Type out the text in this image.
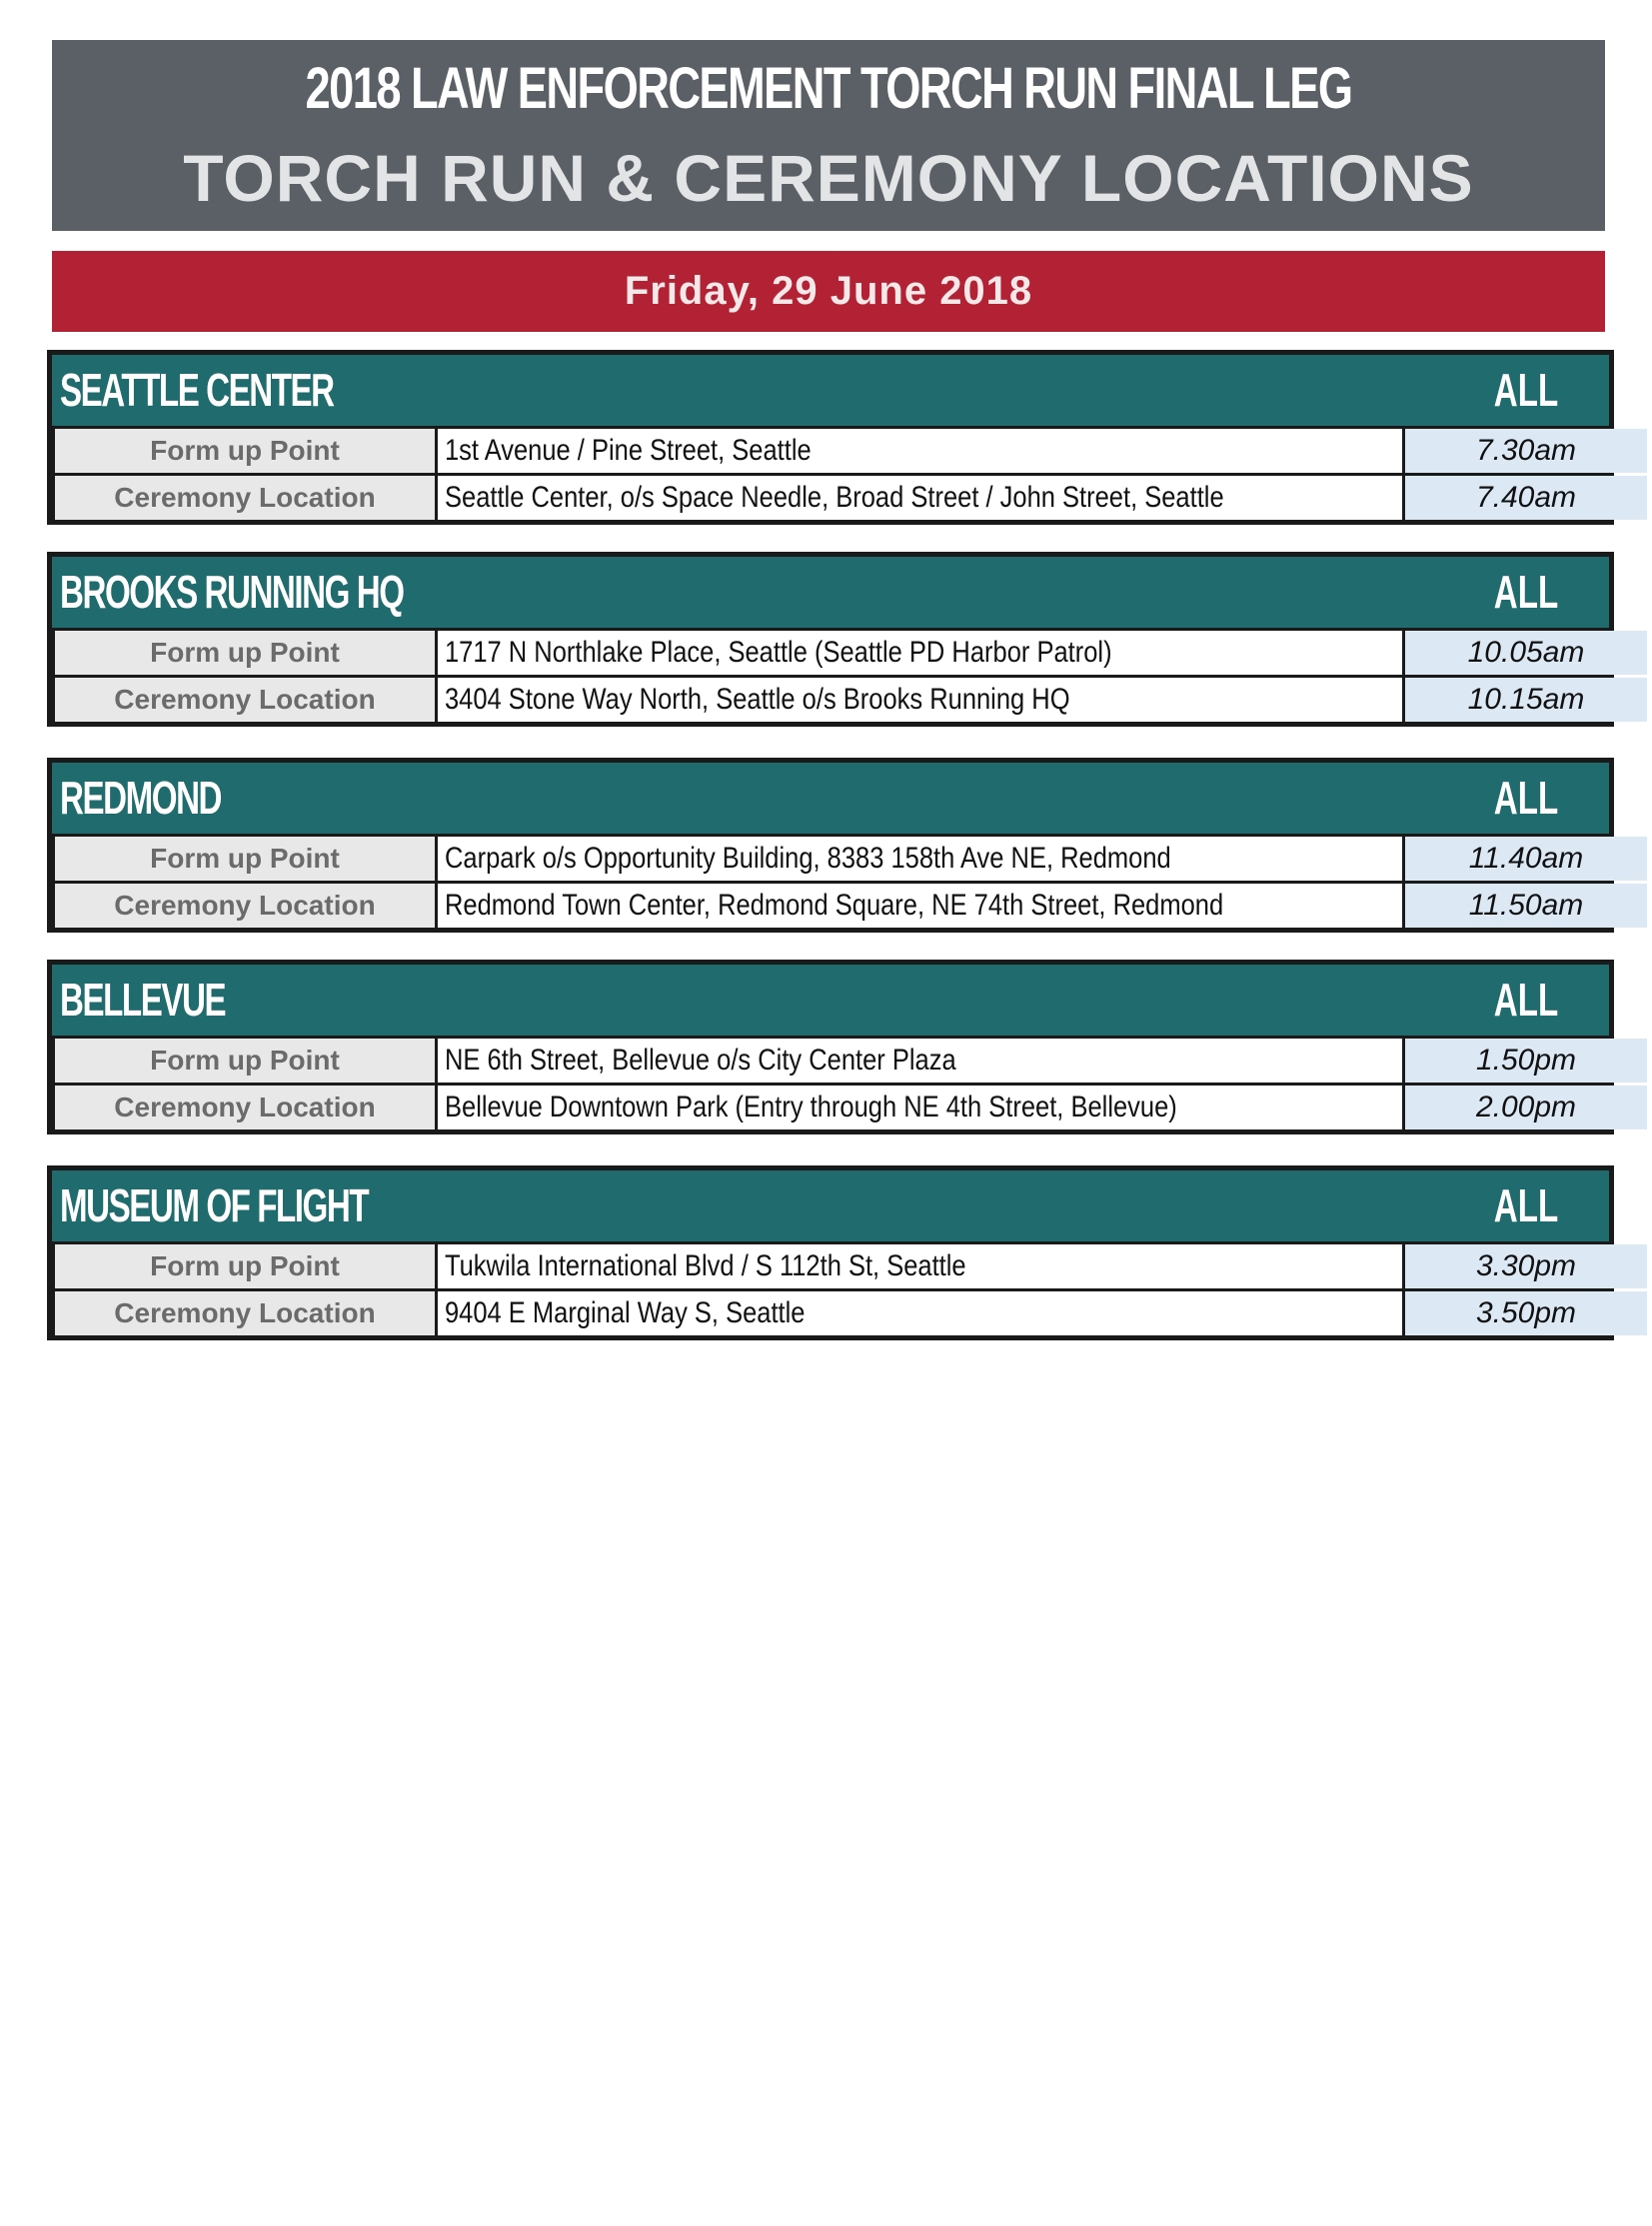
2018 LAW ENFORCEMENT TORCH RUN FINAL LEG
TORCH RUN & CEREMONY LOCATIONS
Friday, 29 June 2018
SEATTLE CENTER	ALL
Form up Point	1st Avenue / Pine Street, Seattle	7.30am
Ceremony Location	Seattle Center, o/s Space Needle, Broad Street / John Street, Seattle	7.40am
BROOKS RUNNING HQ	ALL
Form up Point	1717 N Northlake Place, Seattle (Seattle PD Harbor Patrol)	10.05am
Ceremony Location	3404 Stone Way North, Seattle o/s Brooks Running HQ	10.15am
REDMOND	ALL
Form up Point	Carpark o/s Opportunity Building, 8383 158th Ave NE, Redmond	11.40am
Ceremony Location	Redmond Town Center, Redmond Square, NE 74th Street, Redmond	11.50am
BELLEVUE	ALL
Form up Point	NE 6th Street, Bellevue o/s City Center Plaza	1.50pm
Ceremony Location	Bellevue Downtown Park (Entry through NE 4th Street, Bellevue)	2.00pm
MUSEUM OF FLIGHT	ALL
Form up Point	Tukwila International Blvd / S 112th St, Seattle	3.30pm
Ceremony Location	9404 E Marginal Way S, Seattle	3.50pm
